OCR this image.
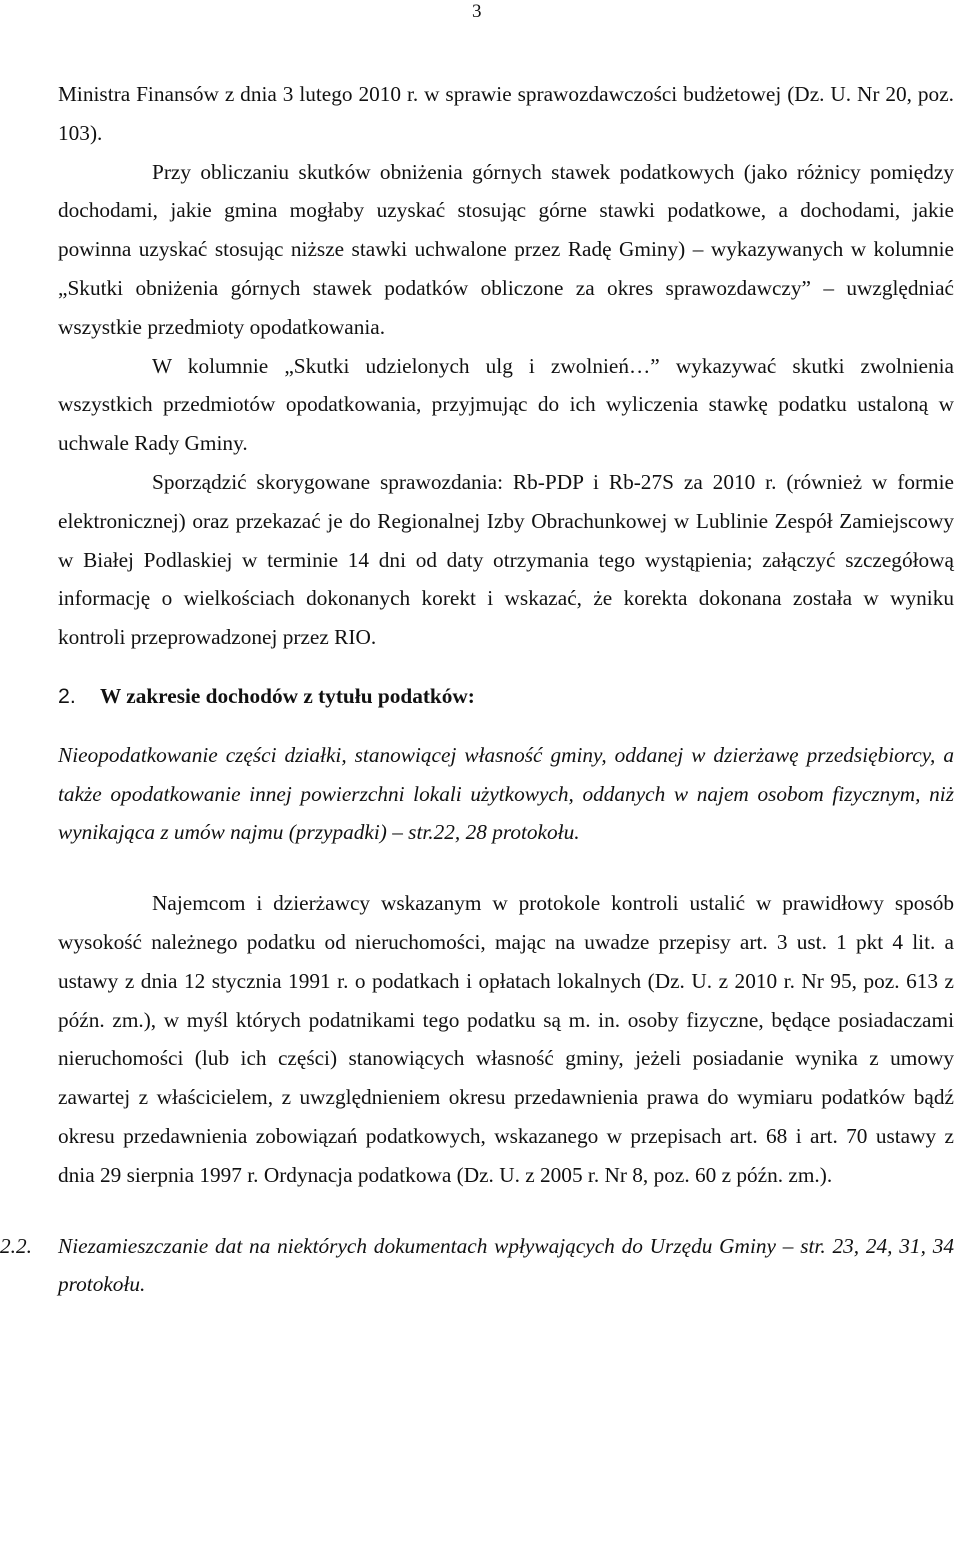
3

Ministra Finansów z dnia 3 lutego 2010 r. w sprawie sprawozdawczości budżetowej (Dz. U. Nr 20, poz. 103).

Przy obliczaniu skutków obniżenia górnych stawek podatkowych (jako różnicy pomiędzy dochodami, jakie gmina mogłaby uzyskać stosując górne stawki podatkowe, a dochodami, jakie powinna uzyskać stosując niższe stawki uchwalone przez Radę Gminy) – wykazywanych w kolumnie „Skutki obniżenia górnych stawek podatków obliczone za okres sprawozdawczy” – uwzględniać wszystkie przedmioty opodatkowania.

W kolumnie „Skutki udzielonych ulg i zwolnień…” wykazywać skutki zwolnienia wszystkich przedmiotów opodatkowania, przyjmując do ich wyliczenia stawkę podatku ustaloną w uchwale Rady Gminy.

Sporządzić skorygowane sprawozdania: Rb-PDP i Rb-27S za 2010 r. (również w formie elektronicznej) oraz przekazać je do Regionalnej Izby Obrachunkowej w Lublinie Zespół Zamiejscowy w Białej Podlaskiej w terminie 14 dni od daty otrzymania tego wystąpienia; załączyć szczegółową informację o wielkościach dokonanych korekt i wskazać, że korekta dokonana została w wyniku kontroli przeprowadzonej przez RIO.

2.	W zakresie dochodów z tytułu podatków:

Nieopodatkowanie części działki, stanowiącej własność gminy, oddanej w dzierżawę przedsiębiorcy, a także opodatkowanie innej powierzchni lokali użytkowych, oddanych w najem osobom fizycznym, niż wynikająca z umów najmu (przypadki) – str.22, 28 protokołu.

Najemcom i dzierżawcy wskazanym w protokole kontroli ustalić w prawidłowy sposób wysokość należnego podatku od nieruchomości, mając na uwadze przepisy art. 3 ust. 1 pkt 4 lit. a ustawy z dnia 12 stycznia 1991 r. o podatkach i opłatach lokalnych (Dz. U. z 2010 r. Nr 95, poz. 613 z późn. zm.), w myśl których podatnikami tego podatku są m. in. osoby fizyczne, będące posiadaczami nieruchomości (lub ich części) stanowiących własność gminy, jeżeli posiadanie wynika z umowy zawartej z właścicielem, z uwzględnieniem okresu przedawnienia prawa do wymiaru podatków bądź okresu przedawnienia zobowiązań podatkowych, wskazanego w przepisach art. 68 i art. 70 ustawy z dnia 29 sierpnia 1997 r. Ordynacja podatkowa (Dz. U. z 2005 r. Nr 8, poz. 60 z późn. zm.).

2.2. Niezamieszczanie dat na niektórych dokumentach wpływających do Urzędu Gminy – str. 23, 24, 31, 34 protokołu.
